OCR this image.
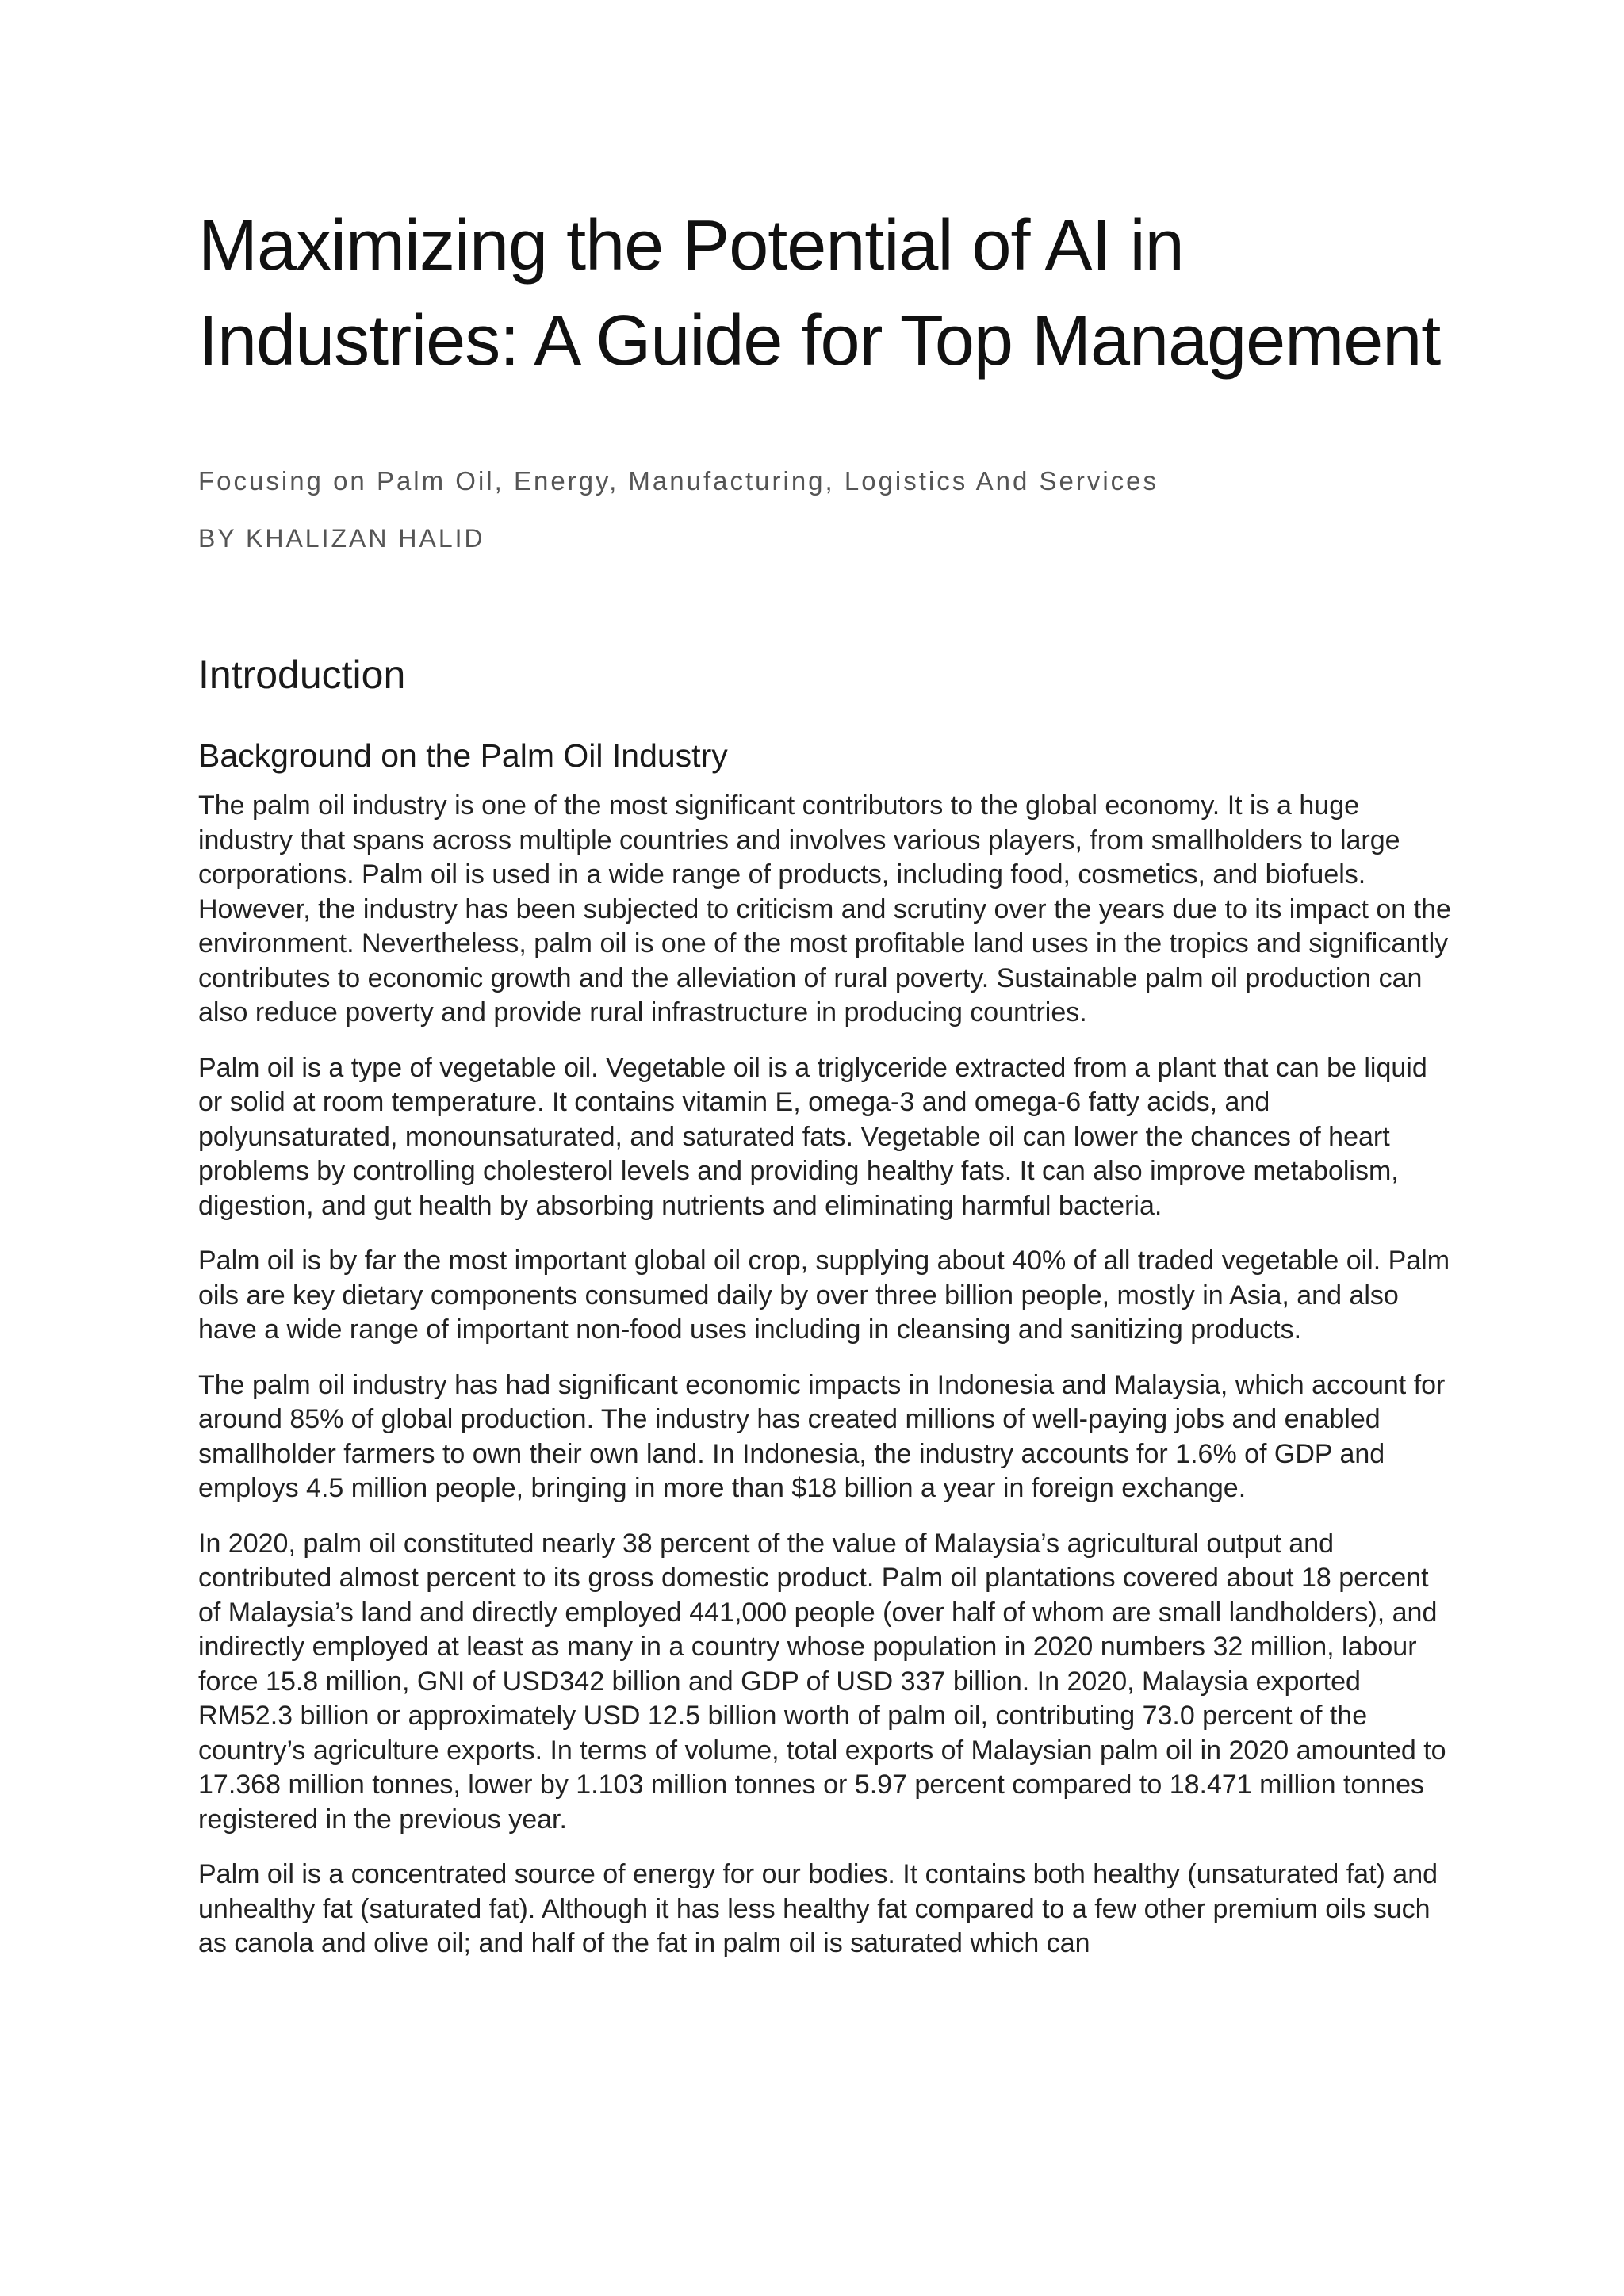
Maximizing the Potential of AI in Industries: A Guide for Top Management
Focusing on Palm Oil, Energy, Manufacturing, Logistics And Services
BY KHALIZAN HALID
Introduction
Background on the Palm Oil Industry

The palm oil industry is one of the most significant contributors to the global economy. It is a huge industry that spans across multiple countries and involves various players, from smallholders to large corporations. Palm oil is used in a wide range of products, including food, cosmetics, and biofuels. However, the industry has been subjected to criticism and scrutiny over the years due to its impact on the environment. Nevertheless, palm oil is one of the most profitable land uses in the tropics and significantly contributes to economic growth and the alleviation of rural poverty. Sustainable palm oil production can also reduce poverty and provide rural infrastructure in producing countries.

Palm oil is a type of vegetable oil. Vegetable oil is a triglyceride extracted from a plant that can be liquid or solid at room temperature. It contains vitamin E, omega-3 and omega-6 fatty acids, and polyunsaturated, monounsaturated, and saturated fats. Vegetable oil can lower the chances of heart problems by controlling cholesterol levels and providing healthy fats. It can also improve metabolism, digestion, and gut health by absorbing nutrients and eliminating harmful bacteria.

Palm oil is by far the most important global oil crop, supplying about 40% of all traded vegetable oil. Palm oils are key dietary components consumed daily by over three billion people, mostly in Asia, and also have a wide range of important non-food uses including in cleansing and sanitizing products.

The palm oil industry has had significant economic impacts in Indonesia and Malaysia, which account for around 85% of global production. The industry has created millions of well-paying jobs and enabled smallholder farmers to own their own land. In Indonesia, the industry accounts for 1.6% of GDP and employs 4.5 million people, bringing in more than $18 billion a year in foreign exchange.

In 2020, palm oil constituted nearly 38 percent of the value of Malaysia’s agricultural output and contributed almost percent to its gross domestic product. Palm oil plantations covered about 18 percent of Malaysia’s land and directly employed 441,000 people (over half of whom are small landholders), and indirectly employed at least as many in a country whose population in 2020 numbers 32 million, labour force 15.8 million, GNI of USD342 billion and GDP of USD 337 billion. In 2020, Malaysia exported RM52.3 billion or approximately USD 12.5 billion worth of palm oil, contributing 73.0 percent of the country’s agriculture exports. In terms of volume, total exports of Malaysian palm oil in 2020 amounted to 17.368 million tonnes, lower by 1.103 million tonnes or 5.97 percent compared to 18.471 million tonnes registered in the previous year.

Palm oil is a concentrated source of energy for our bodies. It contains both healthy (unsaturated fat) and unhealthy fat (saturated fat). Although it has less healthy fat compared to a few other premium oils such as canola and olive oil; and half of the fat in palm oil is saturated which can
